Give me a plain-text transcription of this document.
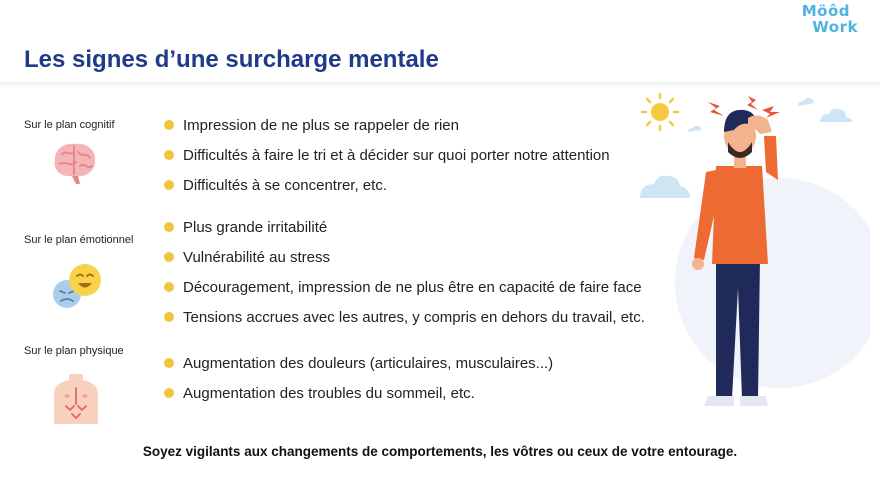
Möôd
Work
Les signes d’une surcharge mentale
Sur le plan cognitif	Impression de ne plus se rappeler de rien
Difficultés à faire le tri et à décider sur quoi porter notre attention
Difficultés à se concentrer, etc.
Sur le plan émotionnel
Plus grande irritabilité
Vulnérabilité au stress
Découragement, impression de ne plus être en capacité de faire face
Tensions accrues avec les autres, y compris en dehors du travail, etc.
Sur le plan physique
Augmentation des douleurs (articulaires, musculaires...)
Augmentation des troubles du sommeil, etc.
Soyez vigilants aux changements de comportements, les vôtres ou ceux de votre entourage.
